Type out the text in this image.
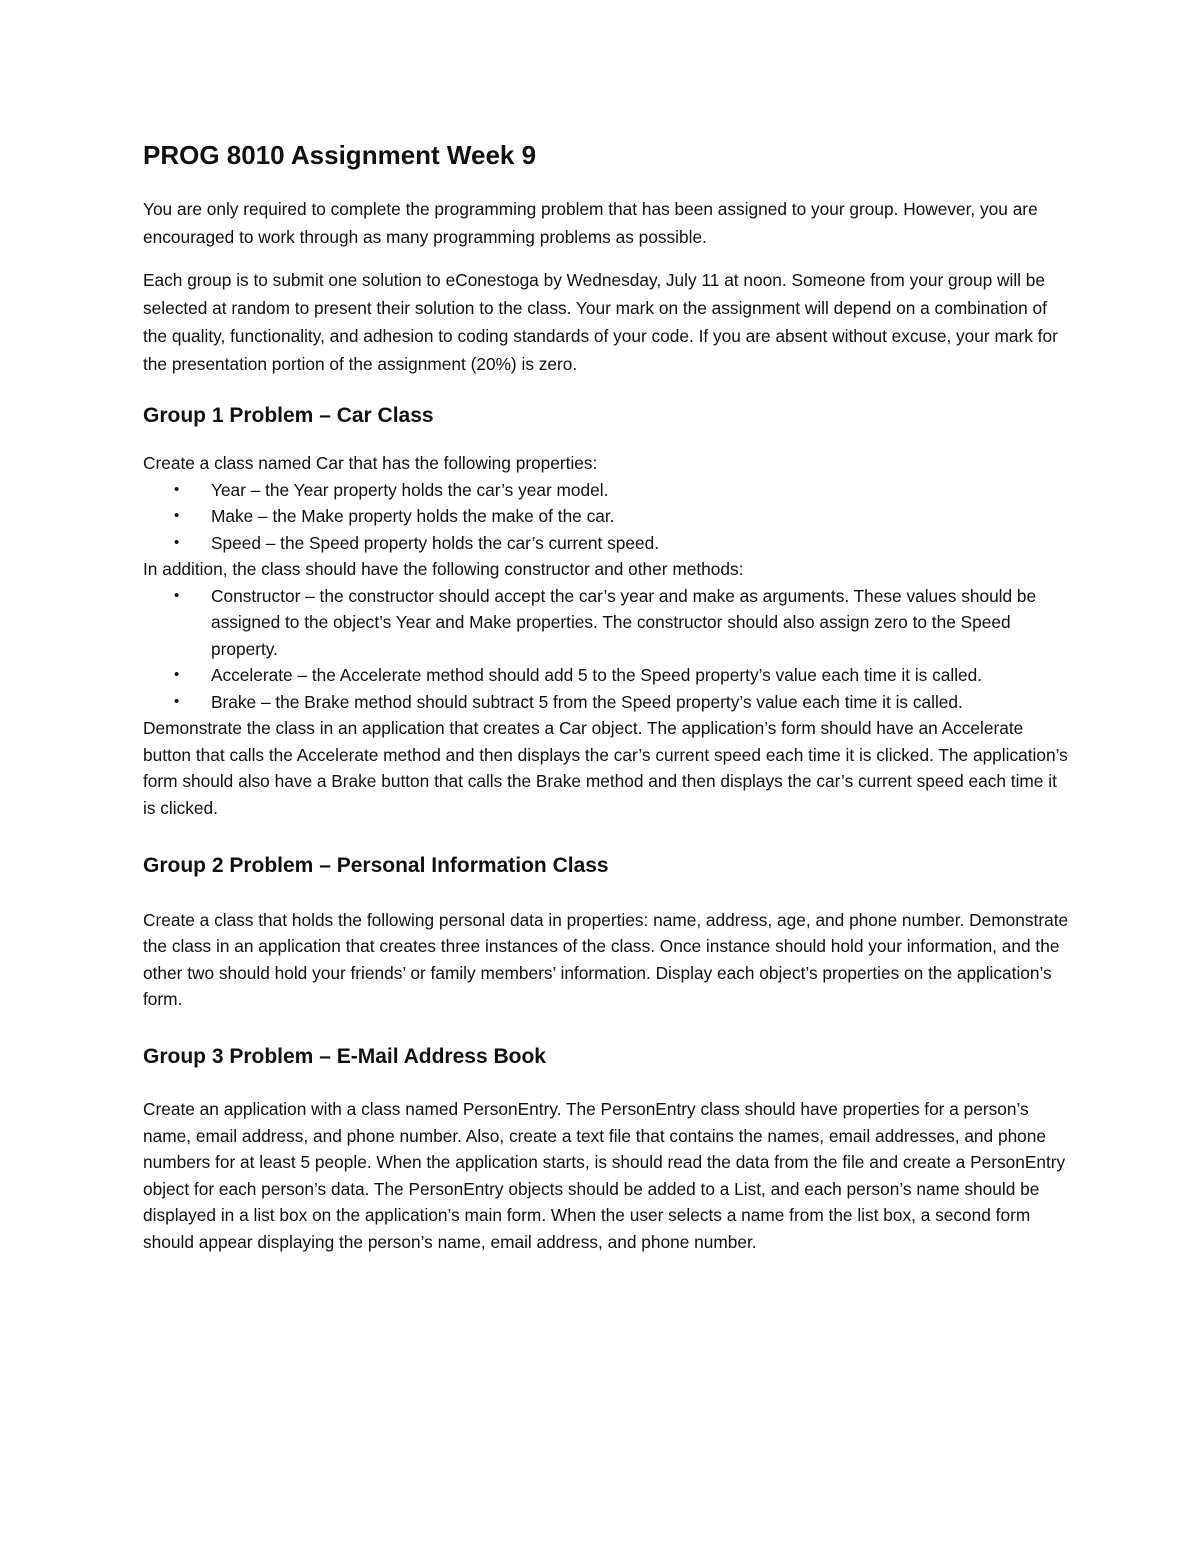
PROG 8010 Assignment Week 9

You are only required to complete the programming problem that has been assigned to your group. However, you are encouraged to work through as many programming problems as possible.

Each group is to submit one solution to eConestoga by Wednesday, July 11 at noon. Someone from your group will be selected at random to present their solution to the class. Your mark on the assignment will depend on a combination of the quality, functionality, and adhesion to coding standards of your code. If you are absent without excuse, your mark for the presentation portion of the assignment (20%) is zero.

Group 1 Problem – Car Class

Create a class named Car that has the following properties:

• Year – the Year property holds the car’s year model.
• Make – the Make property holds the make of the car.
• Speed – the Speed property holds the car’s current speed.

In addition, the class should have the following constructor and other methods:

• Constructor – the constructor should accept the car’s year and make as arguments. These values should be assigned to the object’s Year and Make properties. The constructor should also assign zero to the Speed property.
• Accelerate – the Accelerate method should add 5 to the Speed property’s value each time it is called.
• Brake – the Brake method should subtract 5 from the Speed property’s value each time it is called.

Demonstrate the class in an application that creates a Car object. The application’s form should have an Accelerate button that calls the Accelerate method and then displays the car’s current speed each time it is clicked. The application’s form should also have a Brake button that calls the Brake method and then displays the car’s current speed each time it is clicked.

Group 2 Problem – Personal Information Class

Create a class that holds the following personal data in properties: name, address, age, and phone number. Demonstrate the class in an application that creates three instances of the class. Once instance should hold your information, and the other two should hold your friends’ or family members’ information. Display each object’s properties on the application’s form.

Group 3 Problem – E-Mail Address Book

Create an application with a class named PersonEntry. The PersonEntry class should have properties for a person’s name, email address, and phone number. Also, create a text file that contains the names, email addresses, and phone numbers for at least 5 people. When the application starts, is should read the data from the file and create a PersonEntry object for each person’s data. The PersonEntry objects should be added to a List, and each person’s name should be displayed in a list box on the application’s main form. When the user selects a name from the list box, a second form should appear displaying the person’s name, email address, and phone number.
